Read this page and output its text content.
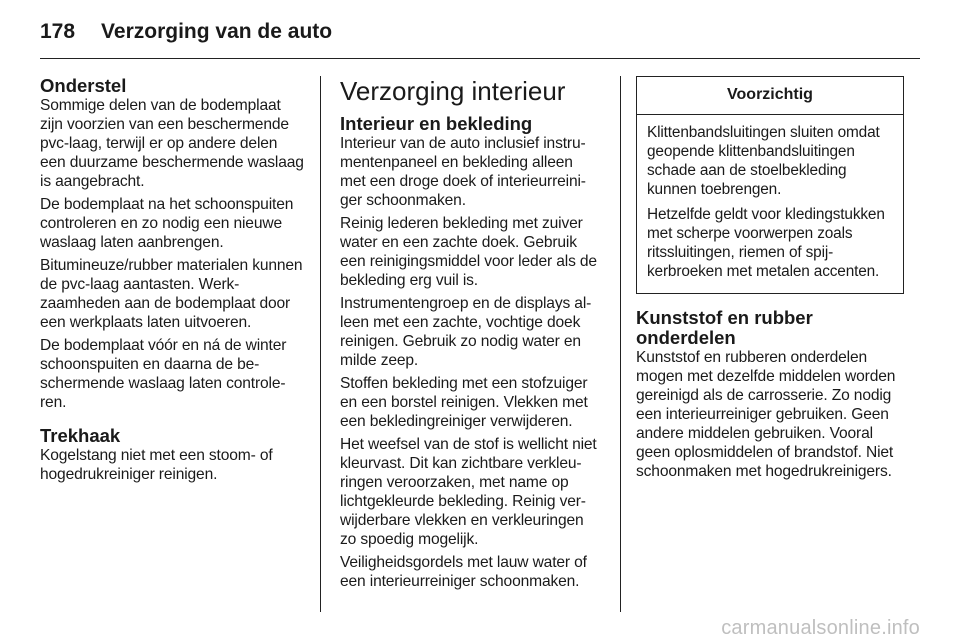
178 Verzorging van de auto
Onderstel

Sommige delen van de bodemplaat zijn voorzien van een beschermende pvc-laag, terwijl er op andere delen een duurzame beschermende waslaag is aangebracht.

De bodemplaat na het schoonspuiten controleren en zo nodig een nieuwe waslaag laten aanbrengen.

Bitumineuze/rubber materialen kunnen de pvc-laag aantasten. Werkzaamheden aan de bodemplaat door een werkplaats laten uitvoeren.

De bodemplaat vóór en ná de winter schoonspuiten en daarna de beschermende waslaag laten controleren.

Trekhaak

Kogelstang niet met een stoom- of hogedrukreiniger reinigen.

Verzorging interieur
Interieur en bekleding

Interieur van de auto inclusief instrumentenpaneel en bekleding alleen met een droge doek of interieurreiniger schoonmaken.

Reinig lederen bekleding met zuiver water en een zachte doek. Gebruik een reinigingsmiddel voor leder als de bekleding erg vuil is.

Instrumentengroep en de displays alleen met een zachte, vochtige doek reinigen. Gebruik zo nodig water en milde zeep.

Stoffen bekleding met een stofzuiger en een borstel reinigen. Vlekken met een bekledingreiniger verwijderen.

Het weefsel van de stof is wellicht niet kleurvast. Dit kan zichtbare verkleuringen veroorzaken, met name op lichtgekleurde bekleding. Reinig verwijderbare vlekken en verkleuringen zo spoedig mogelijk.

Veiligheidsgordels met lauw water of een interieurreiniger schoonmaken.

Voorzichtig

Klittenbandsluitingen sluiten omdat geopende klittenbandsluitingen schade aan de stoelbekleding kunnen toebrengen.

Hetzelfde geldt voor kledingstukken met scherpe voorwerpen zoals ritssluitingen, riemen of spijkerbroeken met metalen accenten.

Kunststof en rubber onderdelen

Kunststof en rubberen onderdelen mogen met dezelfde middelen worden gereinigd als de carrosserie. Zo nodig een interieurreiniger gebruiken. Geen andere middelen gebruiken. Vooral geen oplosmiddelen of brandstof. Niet schoonmaken met hogedrukreinigers.

carmanualsonline.info
